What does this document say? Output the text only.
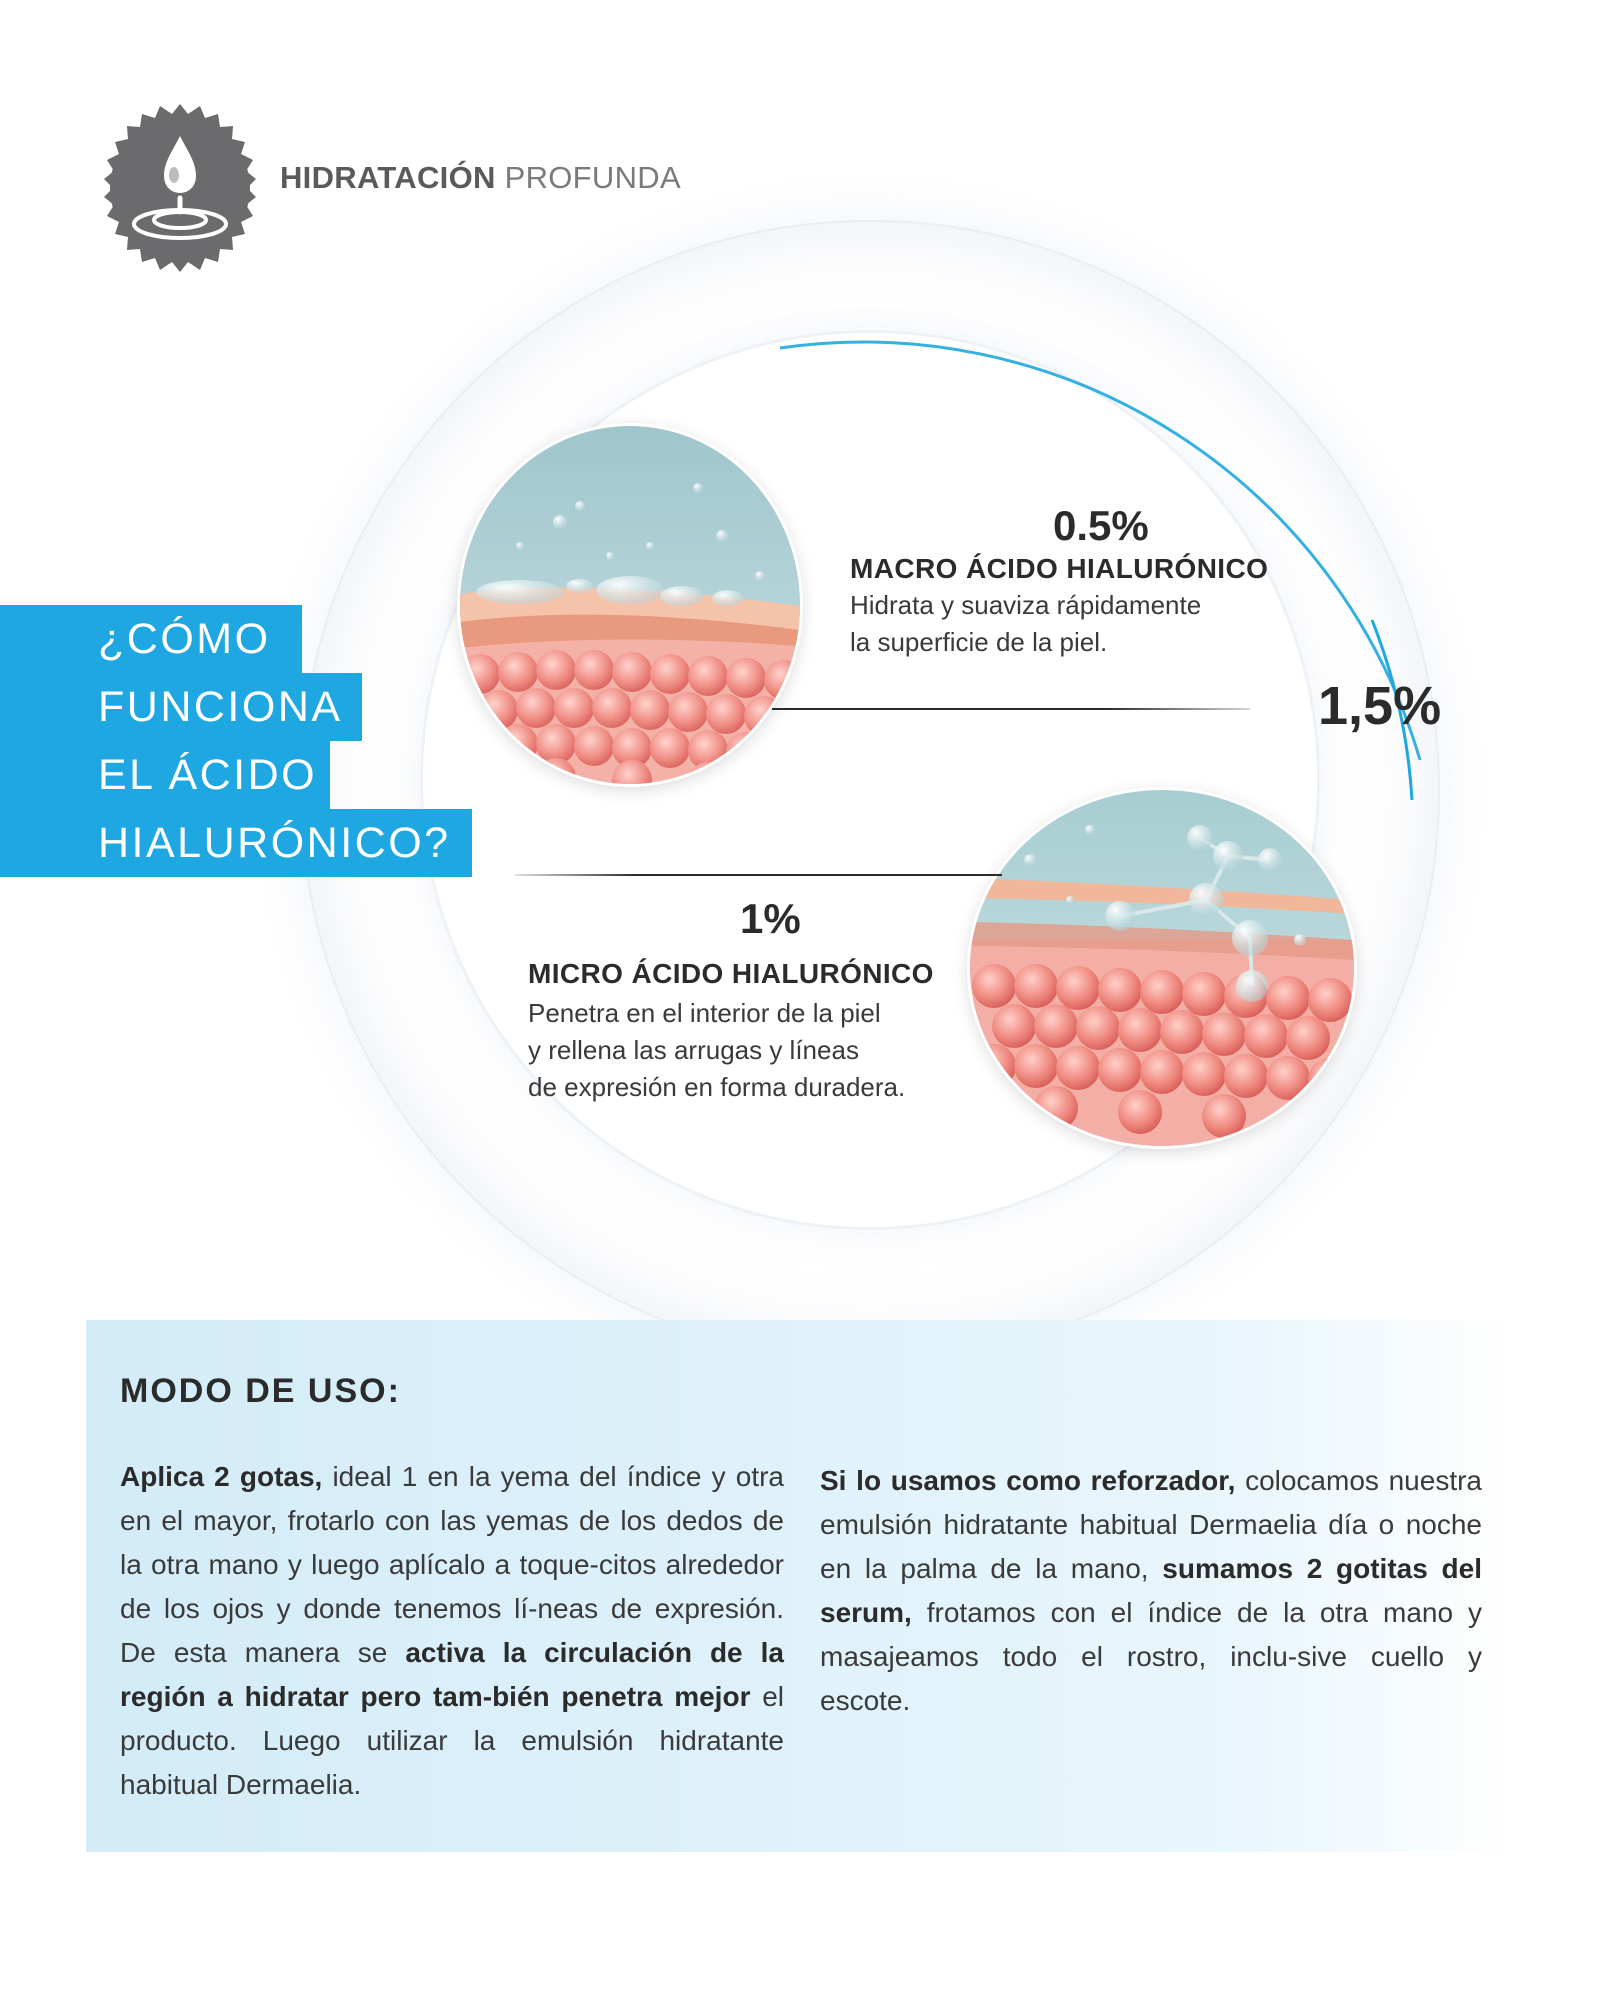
HIDRATACIÓN PROFUNDA
¿CÓMO
FUNCIONA
EL ÁCIDO
HIALURÓNICO?
0.5%
MACRO ÁCIDO HIALURÓNICO
Hidrata y suaviza rápidamente
la superficie de la piel.
1,5%
1%
MICRO ÁCIDO HIALURÓNICO
Penetra en el interior de la piel
y rellena las arrugas y líneas
de expresión en forma duradera.
MODO DE USO:

Aplica 2 gotas, ideal 1 en la yema del índice y otra en el mayor, frotarlo con las yemas de los dedos de la otra mano y luego aplícalo a toque-citos alrededor de los ojos y donde tenemos lí-neas de expresión. De esta manera se activa la circulación de la región a hidratar pero tam-bién penetra mejor el producto. Luego utilizar la emulsión hidratante habitual Dermaelia.

Si lo usamos como reforzador, colocamos nuestra emulsión hidratante habitual Dermaelia día o noche en la palma de la mano, sumamos 2 gotitas del serum, frotamos con el índice de la otra mano y masajeamos todo el rostro, inclu-sive cuello y escote.
